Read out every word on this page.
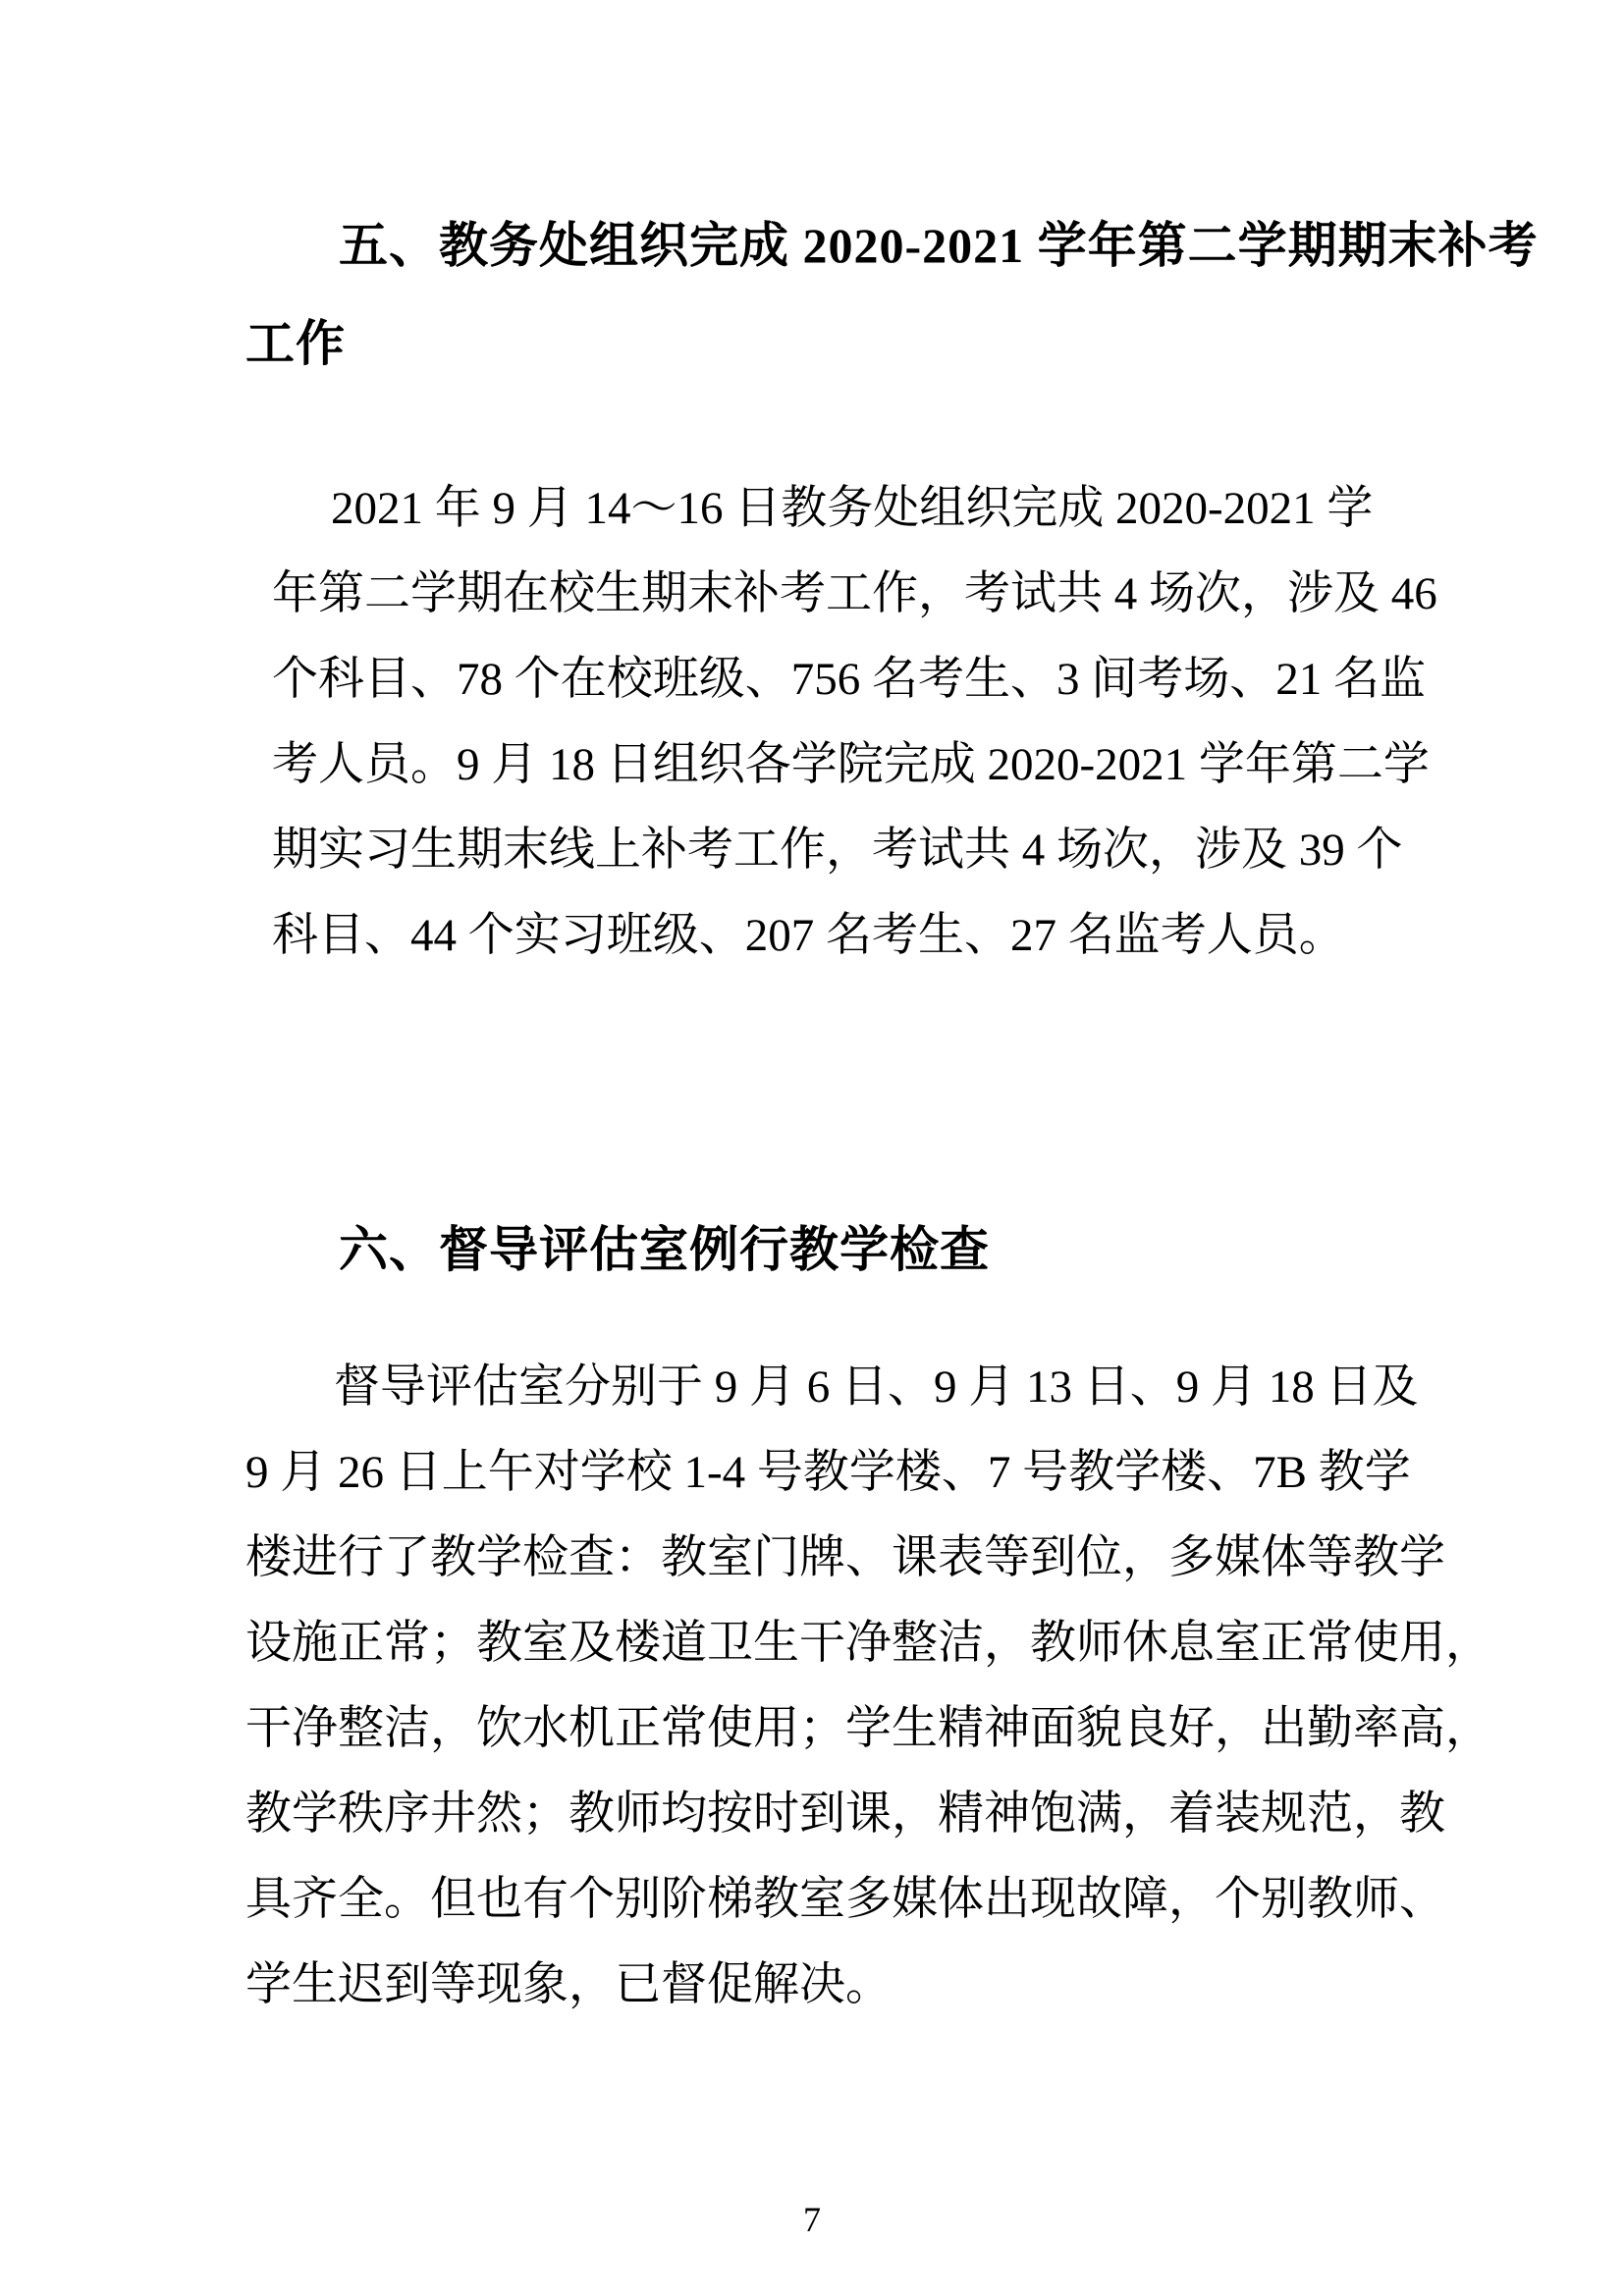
五、教务处组织完成 2020-2021 学年第二学期期末补考
工作
2021 年 9 月 14～16 日教务处组织完成 2020-2021 学
年第二学期在校生期末补考工作，考试共 4 场次，涉及 46
个科目、78 个在校班级、756 名考生、3 间考场、21 名监
考人员。9 月 18 日组织各学院完成 2020-2021 学年第二学
期实习生期末线上补考工作，考试共 4 场次，涉及 39 个
科目、44 个实习班级、207 名考生、27 名监考人员。
六、督导评估室例行教学检查
督导评估室分别于 9 月 6 日、9 月 13 日、9 月 18 日及
9 月 26 日上午对学校 1-4 号教学楼、7 号教学楼、7B 教学
楼进行了教学检查：教室门牌、课表等到位，多媒体等教学
设施正常；教室及楼道卫生干净整洁，教师休息室正常使用，
干净整洁，饮水机正常使用；学生精神面貌良好，出勤率高，
教学秩序井然；教师均按时到课，精神饱满，着装规范，教
具齐全。但也有个别阶梯教室多媒体出现故障，个别教师、
学生迟到等现象，已督促解决。
7
